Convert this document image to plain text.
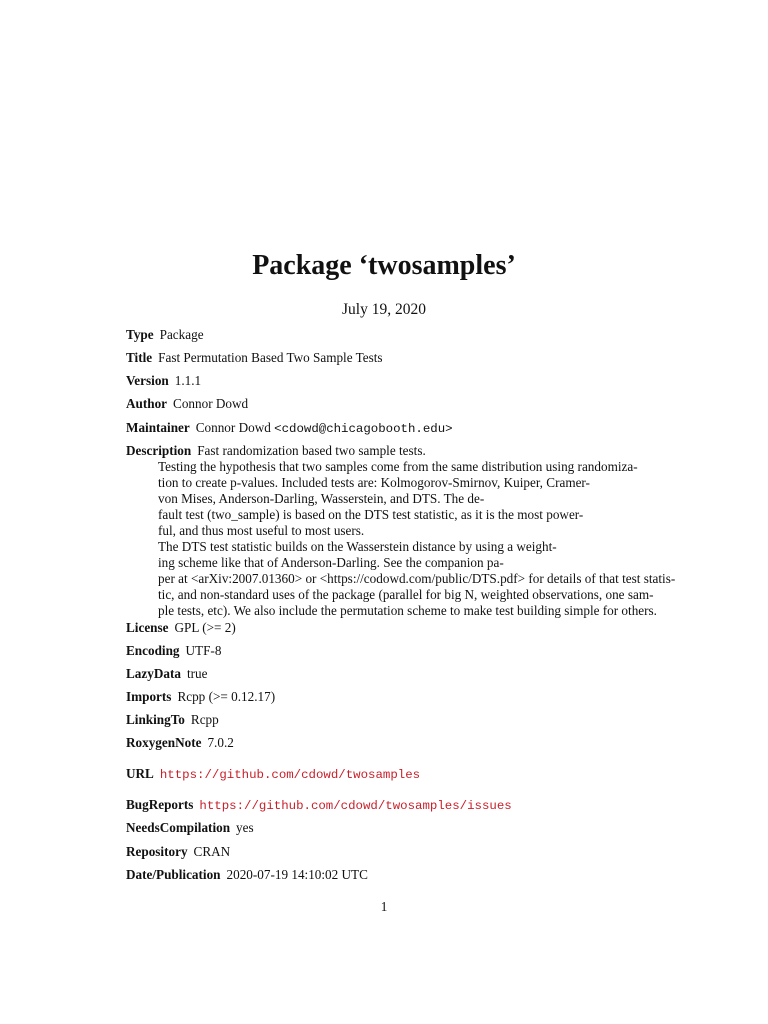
Package ‘twosamples’
July 19, 2020
Type Package
Title Fast Permutation Based Two Sample Tests
Version 1.1.1
Author Connor Dowd
Maintainer Connor Dowd <cdowd@chicagobooth.edu>
Description Fast randomization based two sample tests.
Testing the hypothesis that two samples come from the same distribution using randomiza-
tion to create p-values. Included tests are: Kolmogorov-Smirnov, Kuiper, Cramer-
von Mises, Anderson-Darling, Wasserstein, and DTS. The de-
fault test (two_sample) is based on the DTS test statistic, as it is the most power-
ful, and thus most useful to most users.
The DTS test statistic builds on the Wasserstein distance by using a weight-
ing scheme like that of Anderson-Darling. See the companion pa-
per at <arXiv:2007.01360> or <https://codowd.com/public/DTS.pdf> for details of that test statis-
tic, and non-standard uses of the package (parallel for big N, weighted observations, one sam-
ple tests, etc). We also include the permutation scheme to make test building simple for others.
License GPL (>= 2)
Encoding UTF-8
LazyData true
Imports Rcpp (>= 0.12.17)
LinkingTo Rcpp
RoxygenNote 7.0.2
URL https://github.com/cdowd/twosamples
BugReports https://github.com/cdowd/twosamples/issues
NeedsCompilation yes
Repository CRAN
Date/Publication 2020-07-19 14:10:02 UTC
1
